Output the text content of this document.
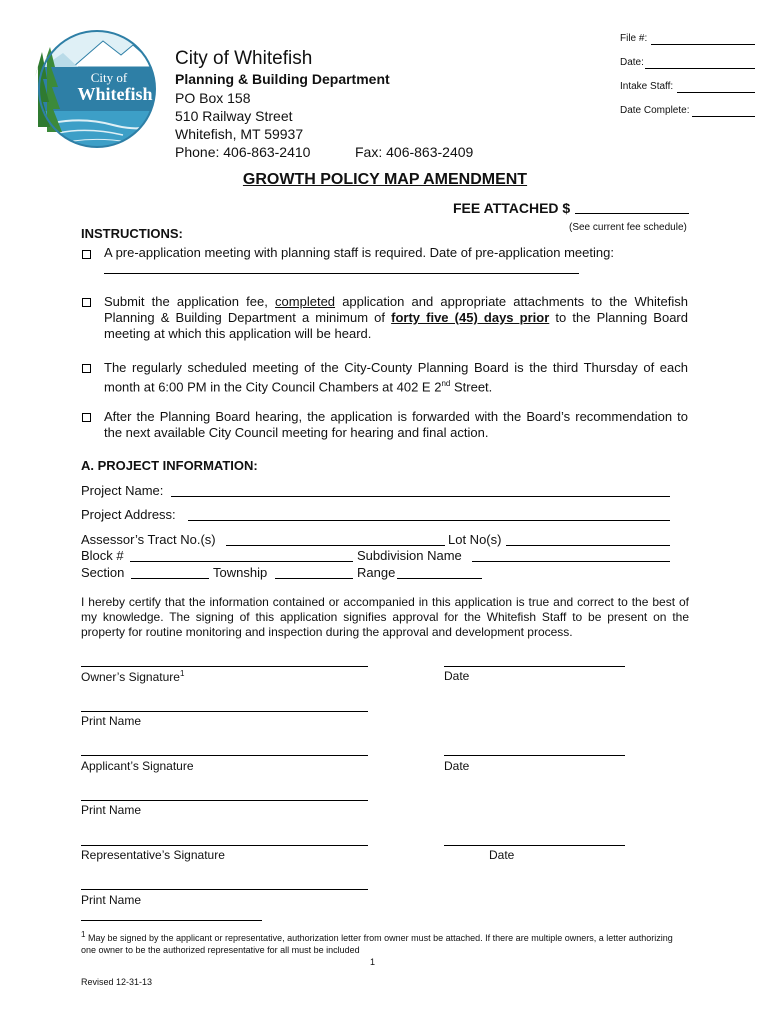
File #:
Date:
Intake Staff:
Date Complete:
City of
Whitefish
City of Whitefish
Planning & Building Department
PO Box 158
510 Railway Street
Whitefish, MT 59937
Phone: 406-863-2410	Fax: 406-863-2409
GROWTH POLICY MAP AMENDMENT
FEE ATTACHED $
(See current fee schedule)
INSTRUCTIONS:
A pre-application meeting with planning staff is required. Date of pre-application meeting:
Submit the application fee, completed application and appropriate attachments to the Whitefish Planning & Building Department a minimum of forty five (45) days prior to the Planning Board meeting at which this application will be heard.
The regularly scheduled meeting of the City-County Planning Board is the third Thursday of each month at 6:00 PM in the City Council Chambers at 402 E 2nd Street.
After the Planning Board hearing, the application is forwarded with the Board’s recommendation to the next available City Council meeting for hearing and final action.
A. PROJECT INFORMATION:
Project Name:
Project Address:
Assessor’s Tract No.(s)	Lot No(s)
Block #	Subdivision Name
Section	Township	Range
I hereby certify that the information contained or accompanied in this application is true and correct to the best of my knowledge. The signing of this application signifies approval for the Whitefish Staff to be present on the property for routine monitoring and inspection during the approval and development process.
Owner’s Signature$^1$	Date
Print Name
Applicant’s Signature	Date
Print Name
Representative’s Signature	Date
Print Name
$^1$ May be signed by the applicant or representative, authorization letter from owner must be attached. If there are multiple owners, a letter authorizing one owner to be the authorized representative for all must be included
1
Revised 12-31-13
